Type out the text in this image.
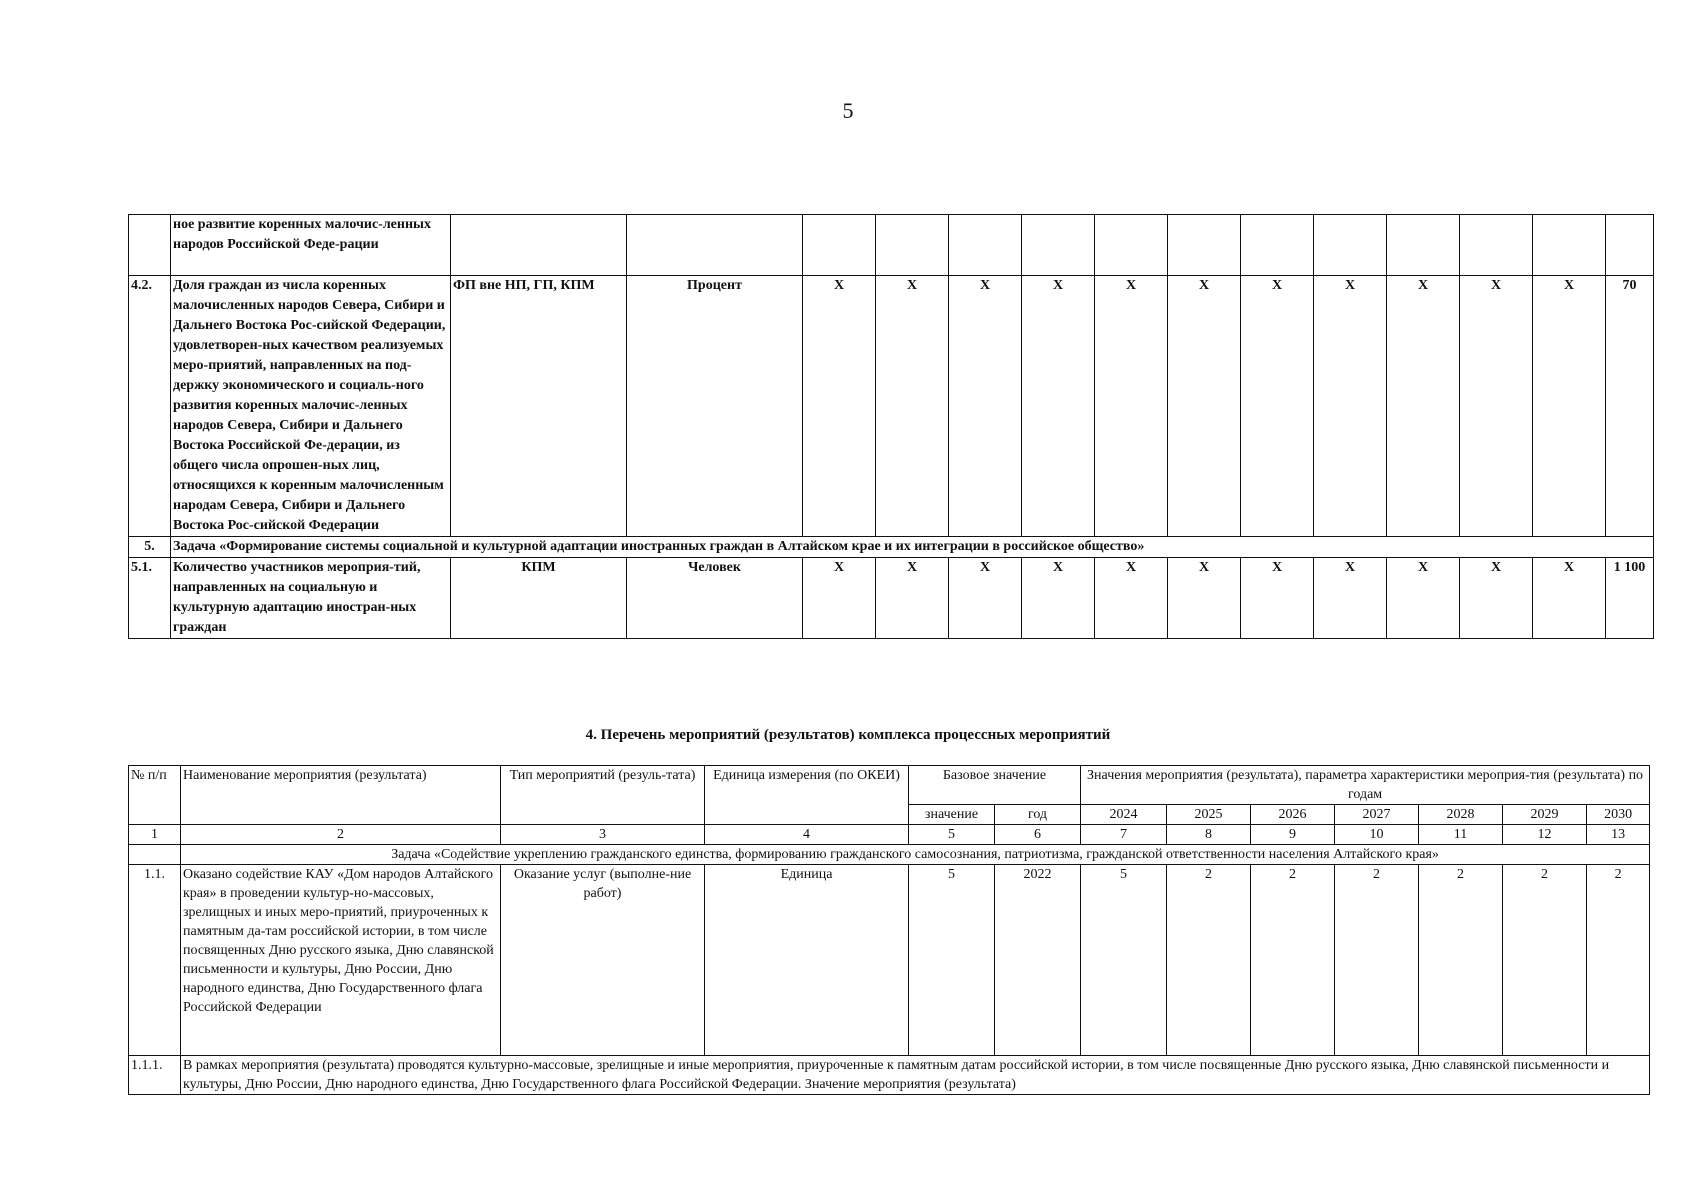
5
	ное развитие коренных малочис-ленных народов Российской Феде-рации														
4.2.	Доля граждан из числа коренных малочисленных народов Севера, Сибири и Дальнего Востока Рос-сийской Федерации, удовлетворен-ных качеством реализуемых меро-приятий, направленных на под-держку экономического и социаль-ного развития коренных малочис-ленных народов Севера, Сибири и Дальнего Востока Российской Фе-дерации, из общего числа опрошен-ных лиц, относящихся к коренным малочисленным народам Севера, Сибири и Дальнего Востока Рос-сийской Федерации	ФП вне НП, ГП, КПМ	Процент	Х	Х	Х	Х	Х	Х	Х	Х	Х	Х	Х	70
5.	Задача «Формирование системы социальной и культурной адаптации иностранных граждан в Алтайском крае и их интеграции в российское общество»														
5.1.	Количество участников мероприя-тий, направленных на социальную и культурную адаптацию иностран-ных граждан	КПМ	Человек	Х	Х	Х	Х	Х	Х	Х	Х	Х	Х	Х	1 100
4. Перечень мероприятий (результатов) комплекса процессных мероприятий
№ п/п	Наименование мероприятия (результата)	Тип мероприятий (резуль-тата)	Единица измерения (по ОКЕИ)	Базовое значение		Значения мероприятия (результата), параметра характеристики мероприя-тия (результата) по годам						
				значение	год	2024	2025	2026	2027	2028	2029	2030
1	2	3	4	5	6	7	8	9	10	11	12	13
	Задача «Содействие укреплению гражданского единства, формированию гражданского самосознания, патриотизма, гражданской ответственности населения Алтайского края»											
1.1.	Оказано содействие КАУ «Дом народов Алтайского края» в проведении культур-но-массовых, зрелищных и иных меро-приятий, приуроченных к памятным да-там российской истории, в том числе посвященных Дню русского языка, Дню славянской письменности и культуры, Дню России, Дню народного единства, Дню Государственного флага Российской Федерации	Оказание услуг (выполне-ние работ)	Единица	5	2022	5	2	2	2	2	2	2
1.1.1.	В рамках мероприятия (результата) проводятся культурно-массовые, зрелищные и иные мероприятия, приуроченные к памятным датам российской истории, в том числе посвященные Дню русского языка, Дню славянской письменности и культуры, Дню России, Дню народного единства, Дню Государственного флага Российской Федерации. Значение мероприятия (результата)											
